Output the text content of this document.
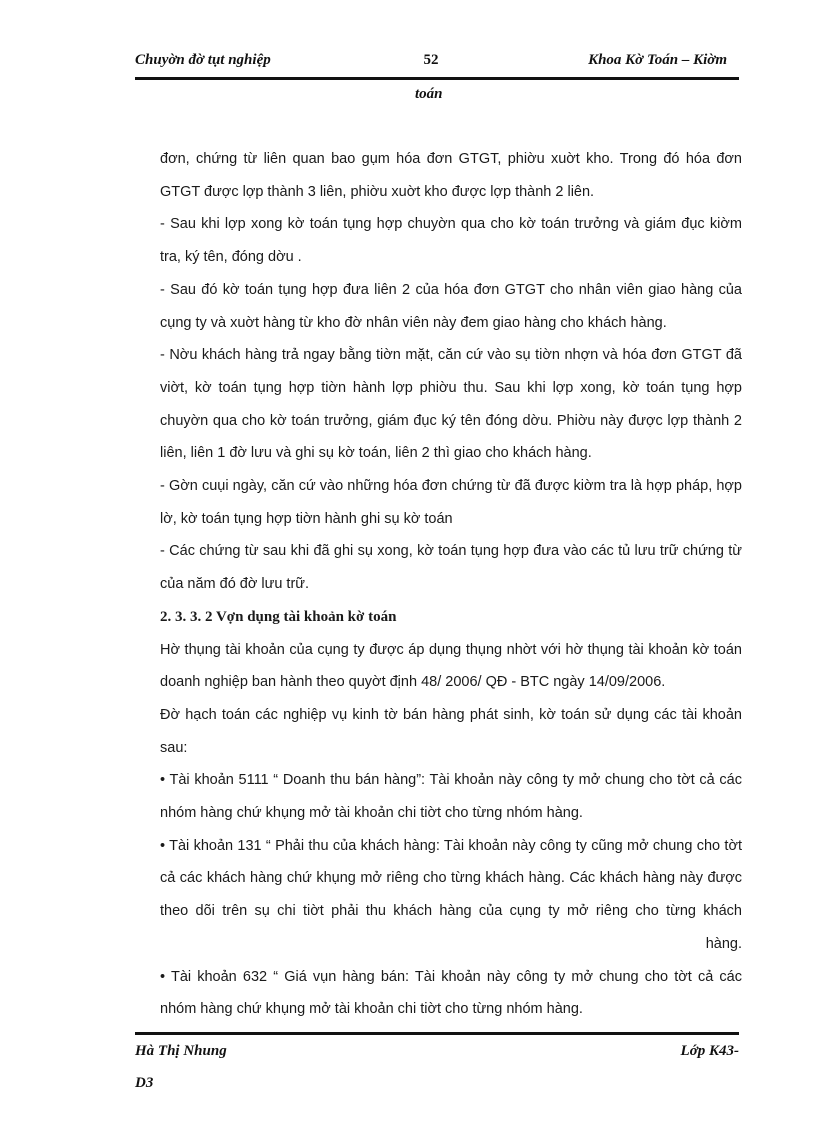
Chuyờn đờ tụt nghiệp	52	Khoa Kờ Toán – Kiờm
toán

đơn, chứng từ liên quan bao gụm hóa đơn GTGT, phiờu xuờt kho. Trong đó hóa đơn GTGT được lợp thành 3 liên, phiờu xuờt kho được lợp thành 2 liên.

- Sau khi lợp xong kờ toán tụng hợp chuyờn qua cho kờ toán trưởng và giám đục kiờm tra, ký tên, đóng dờu .

- Sau đó kờ toán tụng hợp đưa liên 2 của hóa đơn GTGT cho nhân viên giao hàng của cụng ty và xuờt hàng từ kho đờ nhân viên này đem giao hàng cho khách hàng.

- Nờu khách hàng trả ngay bằng tiờn mặt, căn cứ vào sụ tiờn nhợn và hóa đơn GTGT đã viờt, kờ toán tụng hợp tiờn hành lợp phiờu thu. Sau khi lợp xong, kờ toán tụng hợp chuyờn qua cho kờ toán trưởng, giám đục ký tên đóng dờu. Phiờu này được lợp thành 2 liên, liên 1 đờ lưu và ghi sụ kờ toán, liên 2 thì giao cho khách hàng.

- Gờn cuụi ngày, căn cứ vào những hóa đơn chứng từ đã được kiờm tra là hợp pháp, hợp lờ, kờ toán tụng hợp tiờn hành ghi sụ kờ toán

- Các chứng từ sau khi đã ghi sụ xong, kờ toán tụng hợp đưa vào các tủ lưu trữ chứng từ của năm đó đờ lưu trữ.

2. 3. 3. 2 Vợn dụng tài khoản kờ toán

Hờ thụng tài khoản của cụng ty được áp dụng thụng nhờt với hờ thụng tài khoản kờ toán doanh nghiệp ban hành theo quyờt định 48/ 2006/ QĐ - BTC ngày 14/09/2006.

Đờ hạch toán các nghiệp vụ kinh tờ bán hàng phát sinh, kờ toán sử dụng các tài khoản sau:

• Tài khoản 5111 “ Doanh thu bán hàng”: Tài khoản này công ty mở chung cho tờt cả các nhóm hàng chứ khụng mở tài khoản chi tiờt cho từng nhóm hàng.

• Tài khoản 131 “ Phải thu của khách hàng: Tài khoản này công ty cũng mở chung cho tờt cả các khách hàng chứ khụng mở riêng cho từng khách hàng. Các khách hàng này được theo dõi trên sụ chi tiờt phải thu khách hàng của cụng ty mở riêng cho từng khách

hàng.

• Tài khoản 632 “ Giá vụn hàng bán: Tài khoản này công ty mở chung cho tờt cả các nhóm hàng chứ khụng mở tài khoản chi tiờt cho từng nhóm hàng.

Hà Thị Nhung	Lớp K43-
D3
